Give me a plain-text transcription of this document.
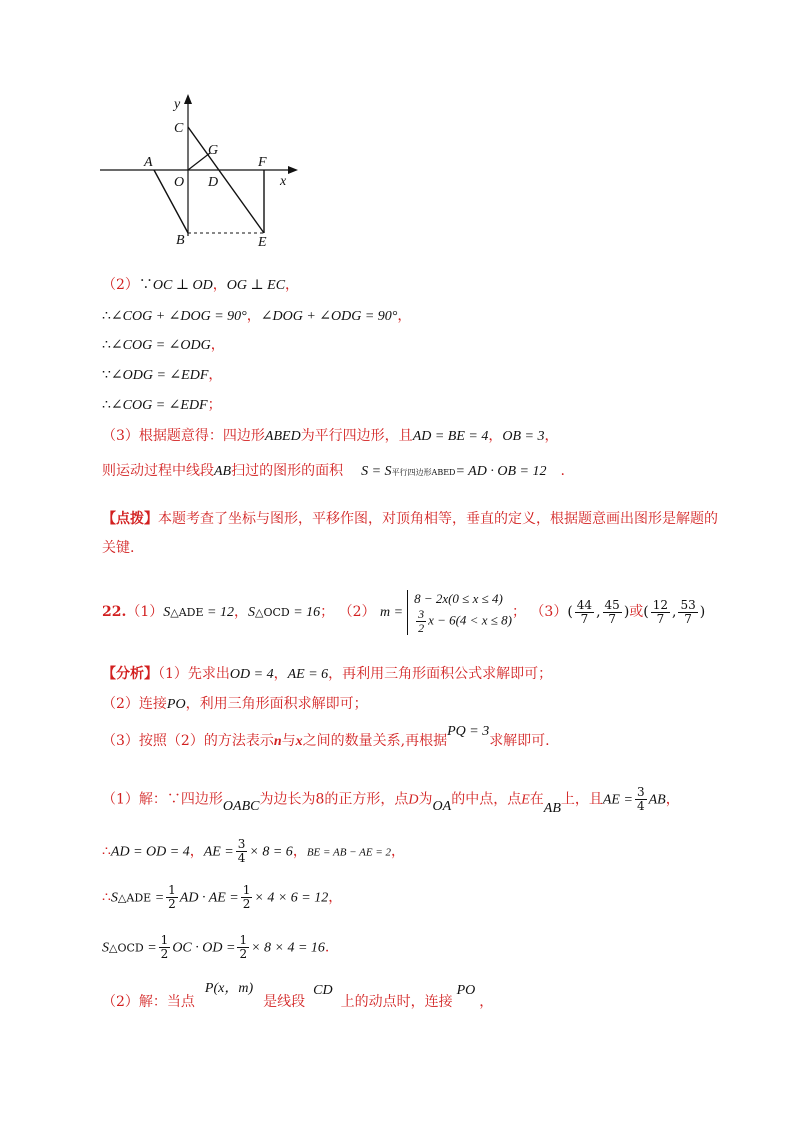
y
x
C
G
A
O D
F
B	E
（2）∵OC ⊥ OD，OG ⊥ EC，
∴∠COG + ∠DOG = 90°，∠DOG + ∠ODG = 90°，
∴∠COG = ∠ODG，
∵∠ODG = ∠EDF，
∴∠COG = ∠EDF；
（3）根据题意得：四边形ABED为平行四边形，且AD = BE = 4，OB = 3，
则运动过程中线段AB扫过的图形的面积 S = S平行四边形ABED= AD · OB = 12 .
【点拨】本题考查了坐标与图形，平移作图，对顶角相等，垂直的定义，根据题意画出图形是解题的
关键.
22.（1）S△ADE = 12，S△OCD = 16； （2） m =
8 − 2x(0 ≤ x ≤ 4)
$\frac{3}{2}$ x − 6(4 < x ≤ 8) ； $(3)( \frac{44}{7}$ , $\frac{45}{7}$ )或( $\frac{12}{7}$ , $\frac{53}{7}$ )
【分析】（1）先求出OD = 4，AE = 6，再利用三角形面积公式求解即可；
（2）连接PO，利用三角形面积求解即可；
（3）按照（2）的方法表示n与x之间的数量关系,再根据PQ = 3求解即可.
（1）解：∵四边形OABC为边长为8的正方形，点D为OA的中点，点E在AB上，且AE = $\frac{3}{4}$ AB，
∴AD = OD = 4，AE = $\frac{3}{4} \times 8 = 6$，BE = AB − AE = 2，
∴S△ADE = $\frac{1}{2}$ AD · AE = $\frac{1}{2} \times 4 \times 6 = 12$，
S△OCD = $\frac{1}{2}$ OC · OD = $\frac{1}{2} \times 8 \times 4 = 16$.
（2）解：当点P(x，m)是线段CD上的动点时，连接PO，
